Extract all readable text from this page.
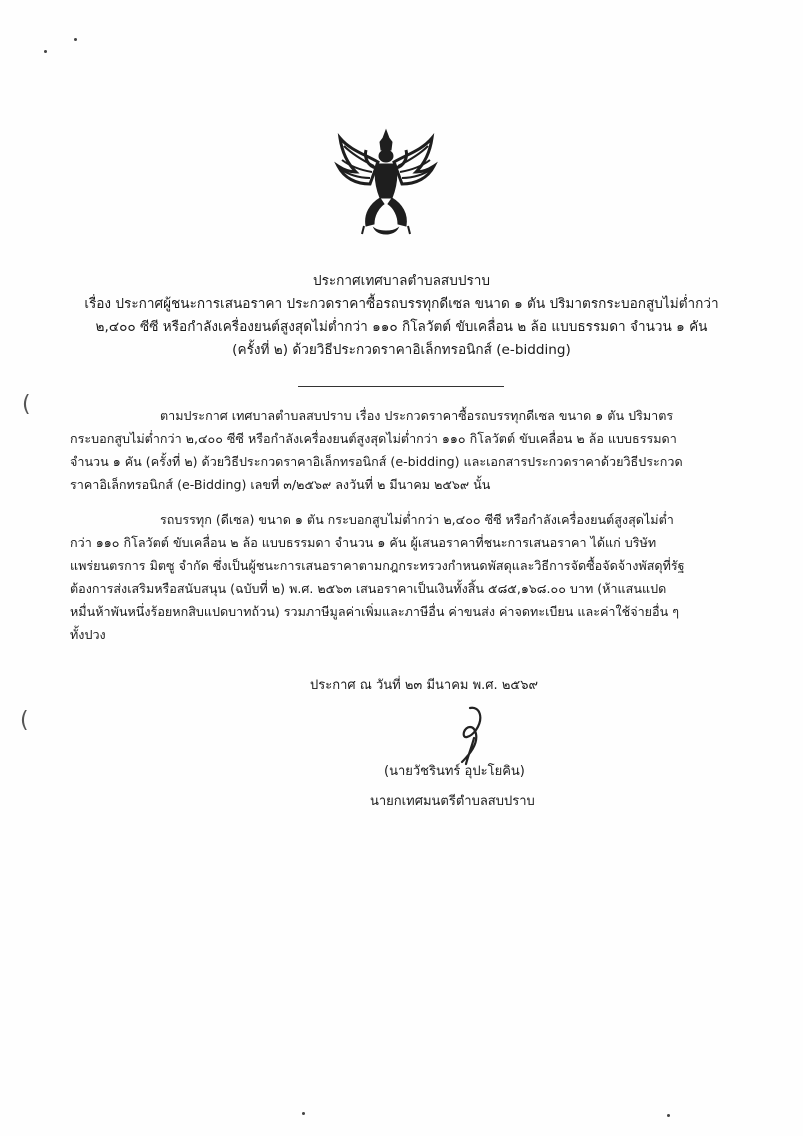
ประกาศเทศบาลตำบลสบปราบ
เรื่อง ประกาศผู้ชนะการเสนอราคา ประกวดราคาซื้อรถบรรทุกดีเซล ขนาด ๑ ตัน ปริมาตรกระบอกสูบไม่ต่ำกว่า
๒,๔๐๐ ซีซี หรือกำลังเครื่องยนต์สูงสุดไม่ต่ำกว่า ๑๑๐ กิโลวัตต์ ขับเคลื่อน ๒ ล้อ แบบธรรมดา จำนวน ๑ คัน
(ครั้งที่ ๒) ด้วยวิธีประกวดราคาอิเล็กทรอนิกส์ (e-bidding)
ตามประกาศ เทศบาลตำบลสบปราบ เรื่อง ประกวดราคาซื้อรถบรรทุกดีเซล ขนาด ๑ ตัน ปริมาตร
กระบอกสูบไม่ต่ำกว่า ๒,๔๐๐ ซีซี หรือกำลังเครื่องยนต์สูงสุดไม่ต่ำกว่า ๑๑๐ กิโลวัตต์ ขับเคลื่อน ๒ ล้อ แบบธรรมดา
จำนวน ๑ คัน (ครั้งที่ ๒) ด้วยวิธีประกวดราคาอิเล็กทรอนิกส์ (e-bidding) และเอกสารประกวดราคาด้วยวิธีประกวด
ราคาอิเล็กทรอนิกส์ (e-Bidding) เลขที่ ๓/๒๕๖๙ ลงวันที่ ๒ มีนาคม ๒๕๖๙ นั้น
รถบรรทุก (ดีเซล) ขนาด ๑ ตัน กระบอกสูบไม่ต่ำกว่า ๒,๔๐๐ ซีซี หรือกำลังเครื่องยนต์สูงสุดไม่ต่ำ
กว่า ๑๑๐ กิโลวัตต์ ขับเคลื่อน ๒ ล้อ แบบธรรมดา จำนวน ๑ คัน ผู้เสนอราคาที่ชนะการเสนอราคา ได้แก่ บริษัท
แพร่ยนตรการ มิตซู จำกัด ซึ่งเป็นผู้ชนะการเสนอราคาตามกฎกระทรวงกำหนดพัสดุและวิธีการจัดซื้อจัดจ้างพัสดุที่รัฐ
ต้องการส่งเสริมหรือสนับสนุน (ฉบับที่ ๒) พ.ศ. ๒๕๖๓ เสนอราคาเป็นเงินทั้งสิ้น ๕๘๕,๑๖๘.๐๐ บาท (ห้าแสนแปด
หมื่นห้าพันหนึ่งร้อยหกสิบแปดบาทถ้วน) รวมภาษีมูลค่าเพิ่มและภาษีอื่น ค่าขนส่ง ค่าจดทะเบียน และค่าใช้จ่ายอื่น ๆ
ทั้งปวง
ประกาศ ณ วันที่ ๒๓ มีนาคม พ.ศ. ๒๕๖๙
(นายวัชรินทร์ อุปะโยคิน)
นายกเทศมนตรีตำบลสบปราบ
(
(
